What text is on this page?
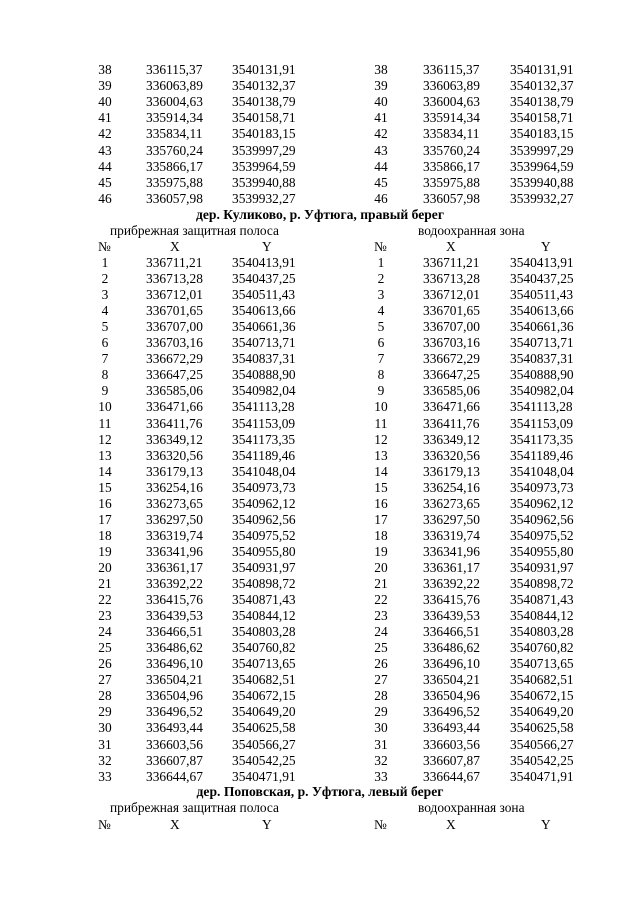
38	336115,37	3540131,91	38	336115,37	3540131,91
39	336063,89	3540132,37	39	336063,89	3540132,37
40	336004,63	3540138,79	40	336004,63	3540138,79
41	335914,34	3540158,71	41	335914,34	3540158,71
42	335834,11	3540183,15	42	335834,11	3540183,15
43	335760,24	3539997,29	43	335760,24	3539997,29
44	335866,17	3539964,59	44	335866,17	3539964,59
45	335975,88	3539940,88	45	335975,88	3539940,88
46	336057,98	3539932,27	46	336057,98	3539932,27
дер. Куликово, р. Уфтюга, правый берег
прибрежная защитная полоса	водоохранная зона
№	X	Y	№	X	Y
1	336711,21	3540413,91	1	336711,21	3540413,91
2	336713,28	3540437,25	2	336713,28	3540437,25
3	336712,01	3540511,43	3	336712,01	3540511,43
4	336701,65	3540613,66	4	336701,65	3540613,66
5	336707,00	3540661,36	5	336707,00	3540661,36
6	336703,16	3540713,71	6	336703,16	3540713,71
7	336672,29	3540837,31	7	336672,29	3540837,31
8	336647,25	3540888,90	8	336647,25	3540888,90
9	336585,06	3540982,04	9	336585,06	3540982,04
10	336471,66	3541113,28	10	336471,66	3541113,28
11	336411,76	3541153,09	11	336411,76	3541153,09
12	336349,12	3541173,35	12	336349,12	3541173,35
13	336320,56	3541189,46	13	336320,56	3541189,46
14	336179,13	3541048,04	14	336179,13	3541048,04
15	336254,16	3540973,73	15	336254,16	3540973,73
16	336273,65	3540962,12	16	336273,65	3540962,12
17	336297,50	3540962,56	17	336297,50	3540962,56
18	336319,74	3540975,52	18	336319,74	3540975,52
19	336341,96	3540955,80	19	336341,96	3540955,80
20	336361,17	3540931,97	20	336361,17	3540931,97
21	336392,22	3540898,72	21	336392,22	3540898,72
22	336415,76	3540871,43	22	336415,76	3540871,43
23	336439,53	3540844,12	23	336439,53	3540844,12
24	336466,51	3540803,28	24	336466,51	3540803,28
25	336486,62	3540760,82	25	336486,62	3540760,82
26	336496,10	3540713,65	26	336496,10	3540713,65
27	336504,21	3540682,51	27	336504,21	3540682,51
28	336504,96	3540672,15	28	336504,96	3540672,15
29	336496,52	3540649,20	29	336496,52	3540649,20
30	336493,44	3540625,58	30	336493,44	3540625,58
31	336603,56	3540566,27	31	336603,56	3540566,27
32	336607,87	3540542,25	32	336607,87	3540542,25
33	336644,67	3540471,91	33	336644,67	3540471,91
дер. Поповская, р. Уфтюга, левый берег
прибрежная защитная полоса	водоохранная зона
№	X	Y	№	X	Y
